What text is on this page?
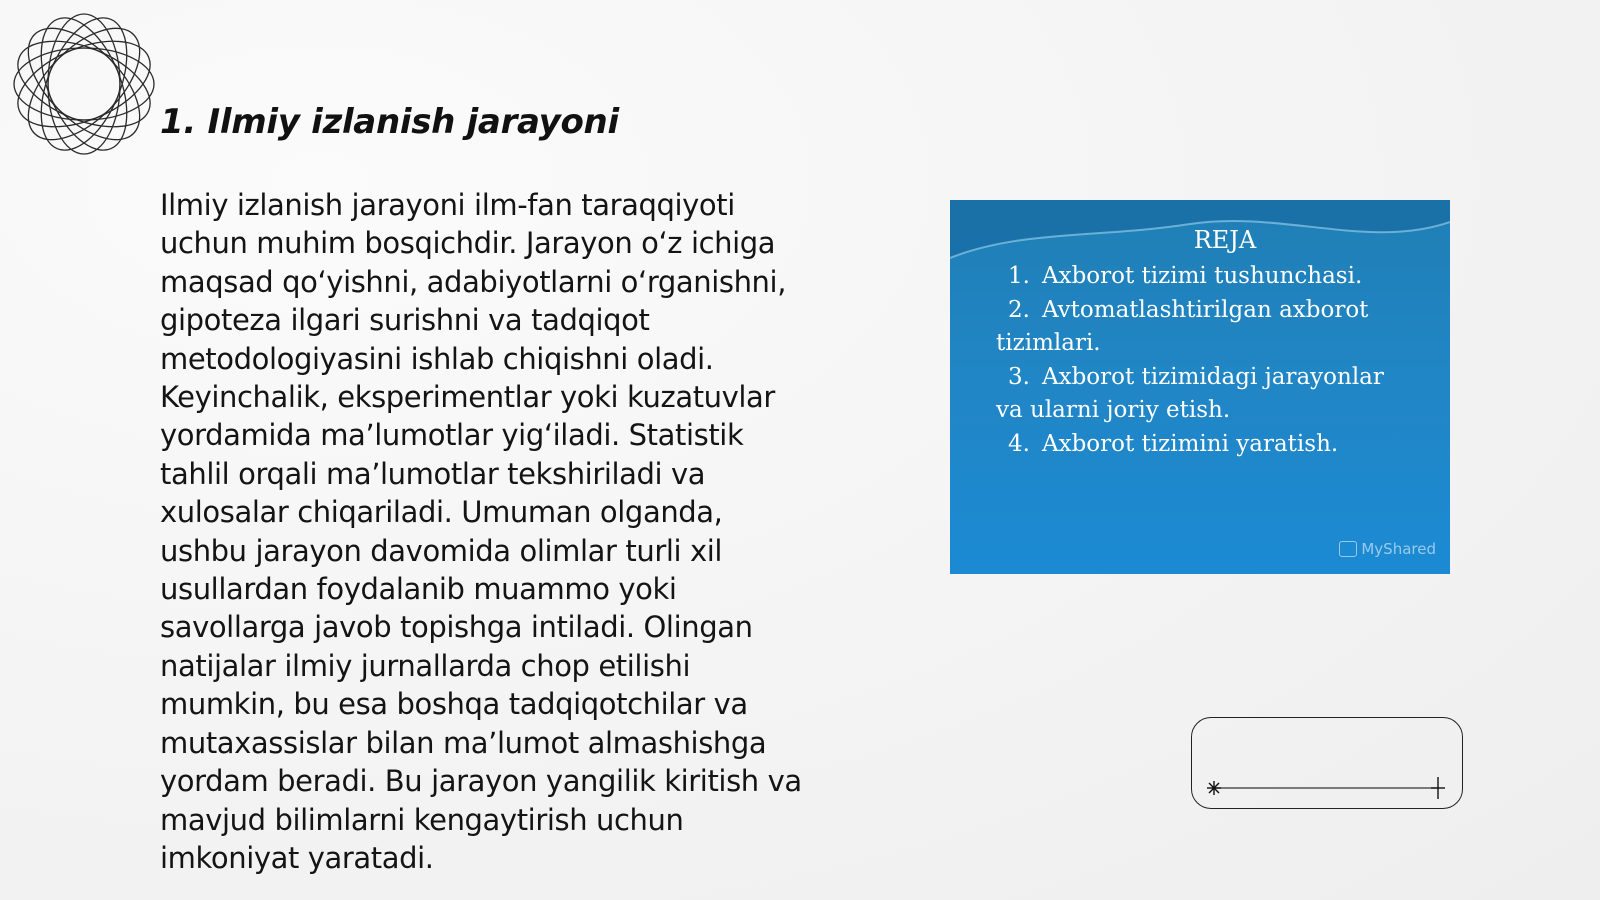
1. Ilmiy izlanish jarayoni
Ilmiy izlanish jarayoni ilm-fan taraqqiyoti
uchun muhim bosqichdir. Jarayon o‘z ichiga
maqsad qo‘yishni, adabiyotlarni o‘rganishni,
gipoteza ilgari surishni va tadqiqot
metodologiyasini ishlab chiqishni oladi.
Keyinchalik, eksperimentlar yoki kuzatuvlar
yordamida ma’lumotlar yig‘iladi. Statistik
tahlil orqali ma’lumotlar tekshiriladi va
xulosalar chiqariladi. Umuman olganda,
ushbu jarayon davomida olimlar turli xil
usullardan foydalanib muammo yoki
savollarga javob topishga intiladi. Olingan
natijalar ilmiy jurnallarda chop etilishi
mumkin, bu esa boshqa tadqiqotchilar va
mutaxassislar bilan ma’lumot almashishga
yordam beradi. Bu jarayon yangilik kiritish va
mavjud bilimlarni kengaytirish uchun
imkoniyat yaratadi.

REJA

1. Axborot tizimi tushunchasi.
2. Avtomatlashtirilgan axborot
tizimlari.
3. Axborot tizimidagi jarayonlar
va ularni joriy etish.
4. Axborot tizimini yaratish.
MyShared
